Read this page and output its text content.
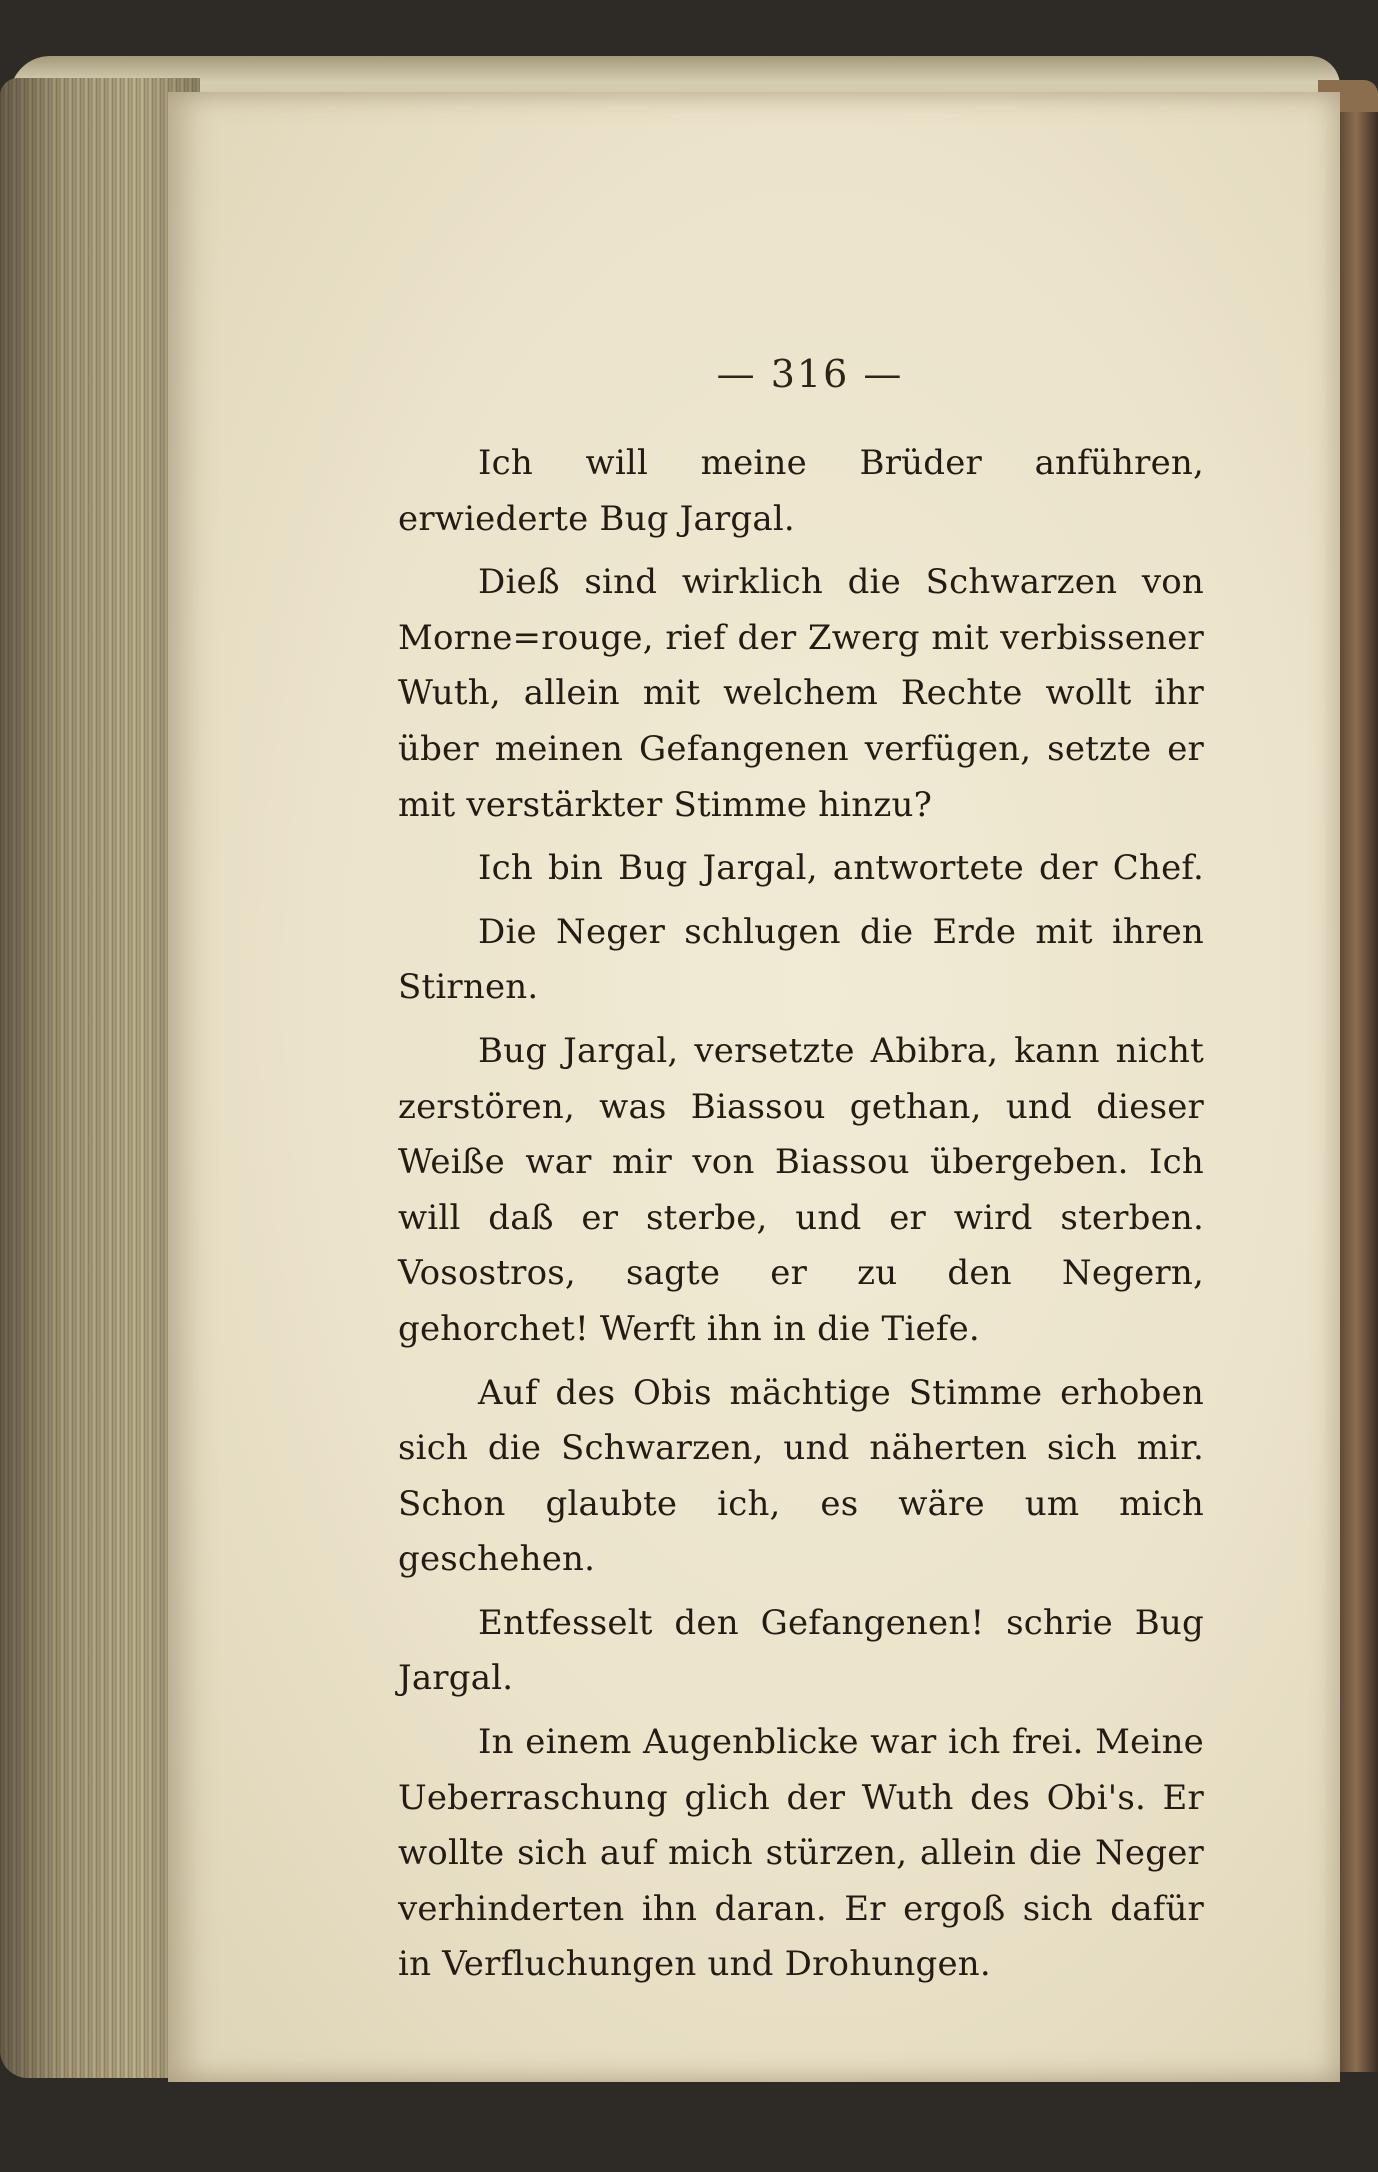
— 316 —

Ich will meine Brüder anführen, erwiederte Bug Jargal.

Dieß sind wirklich die Schwarzen von Morne=rouge, rief der Zwerg mit verbissener Wuth, allein mit welchem Rechte wollt ihr über meinen Gefangenen verfügen, setzte er mit verstärkter Stimme hinzu?

Ich bin Bug Jargal, antwortete der Chef.

Die Neger schlugen die Erde mit ihren Stirnen.

Bug Jargal, versetzte Abibra, kann nicht zerstören, was Biassou gethan, und dieser Weiße war mir von Biassou übergeben. Ich will daß er sterbe, und er wird sterben. Vosostros, sagte er zu den Negern, gehorchet! Werft ihn in die Tiefe.

Auf des Obis mächtige Stimme erhoben sich die Schwarzen, und näherten sich mir. Schon glaubte ich, es wäre um mich geschehen.

Entfesselt den Gefangenen! schrie Bug Jargal.

In einem Augenblicke war ich frei. Meine Ueberraschung glich der Wuth des Obi's. Er wollte sich auf mich stürzen, allein die Neger verhinderten ihn daran. Er ergoß sich dafür in Verfluchungen und Drohungen.
